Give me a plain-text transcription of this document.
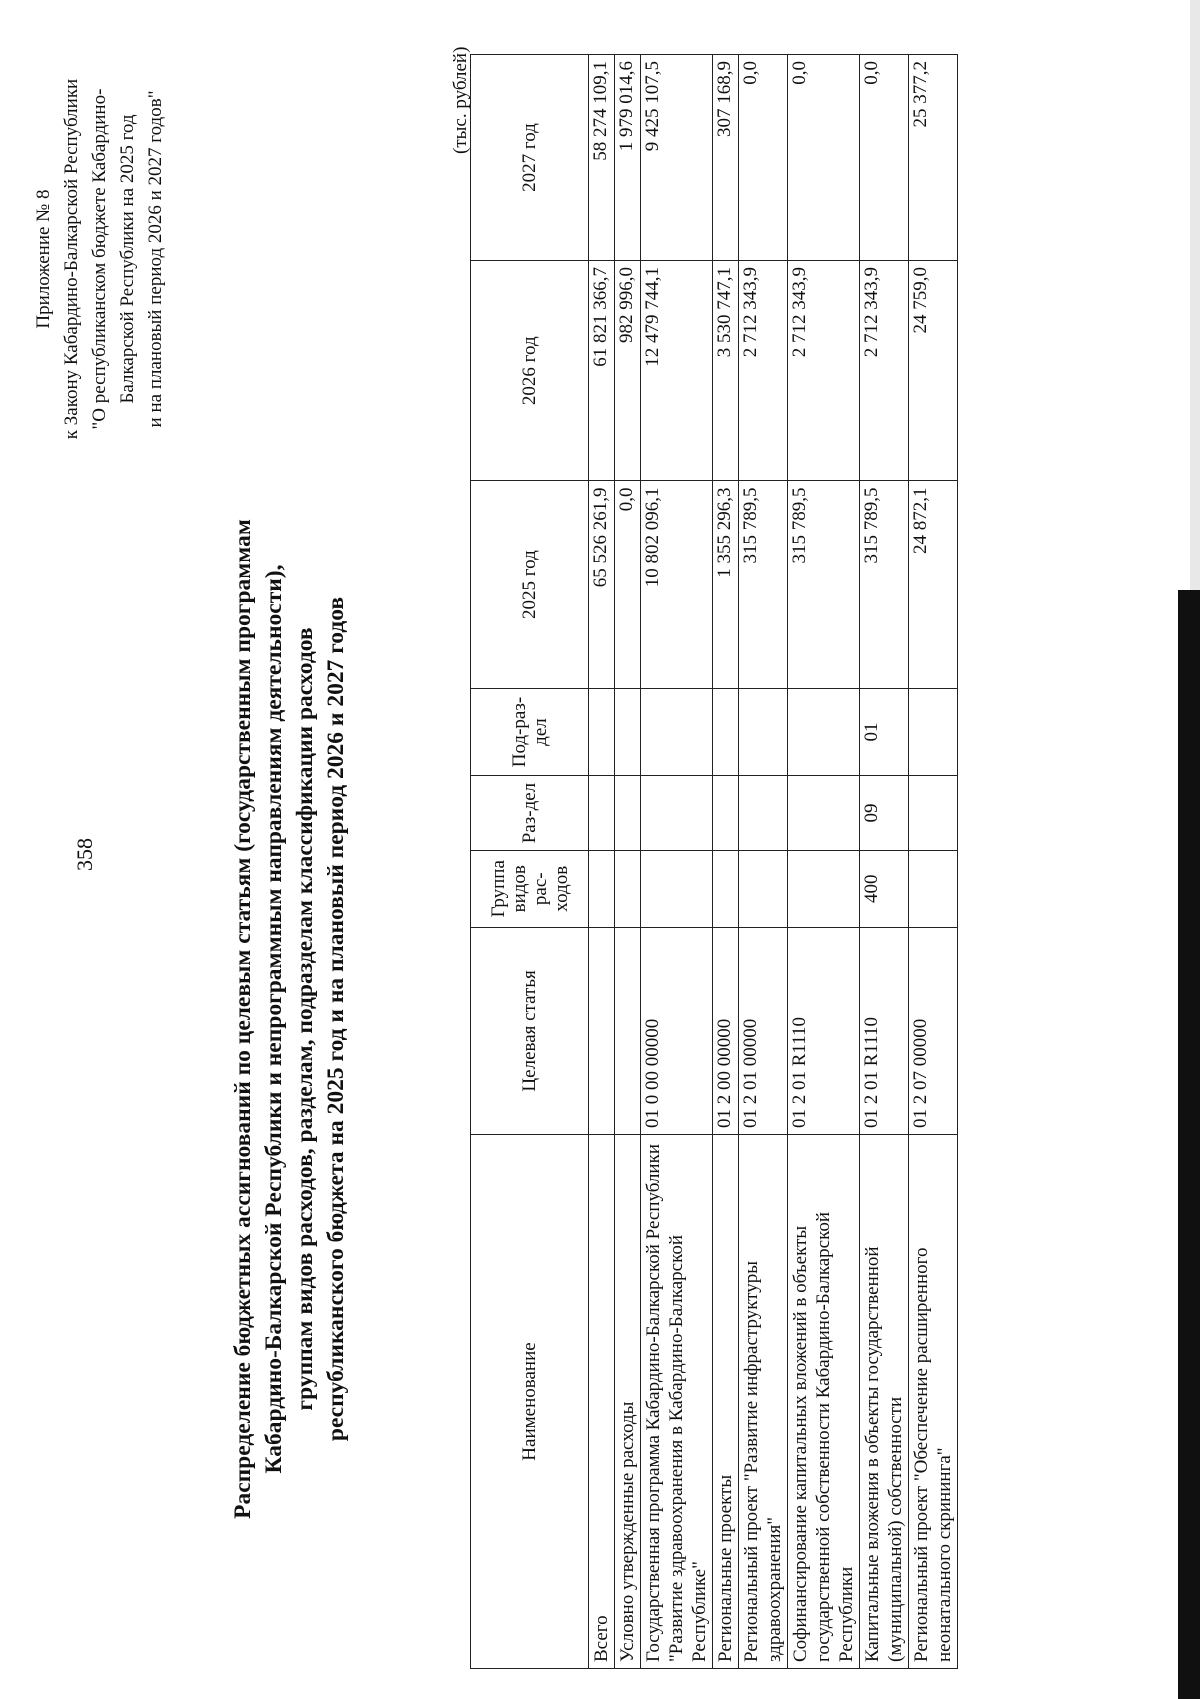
358
Приложение № 8 к Закону Кабардино-Балкарской Республики "О республиканском бюджете Кабардино- Балкарской Республики на 2025 год и на плановый период 2026 и 2027 годов"
Распределение бюджетных ассигнований по целевым статьям (государственным программам Кабардино-Балкарской Республики и непрограммным направлениям деятельности), группам видов расходов, разделам, подразделам классификации расходов республиканского бюджета на 2025 год и на плановый период 2026 и 2027 годов
(тыс. рублей)
Наименование	Целевая статья	Группа видов рас-ходов	Раз-дел	Под-раз-дел	2025 год	2026 год	2027 год
Всего					65 526 261,9	61 821 366,7	58 274 109,1
Условно утвержденные расходы					0,0	982 996,0	1 979 014,6
Государственная программа Кабардино-Балкарской Республики "Развитие здравоохранения в Кабардино-Балкарской Республике"	01 0 00 00000				10 802 096,1	12 479 744,1	9 425 107,5
Региональные проекты	01 2 00 00000				1 355 296,3	3 530 747,1	307 168,9
Региональный проект "Развитие инфраструктуры здравоохранения"	01 2 01 00000				315 789,5	2 712 343,9	0,0
Софинансирование капитальных вложений в объекты государственной собственности Кабардино-Балкарской Республики	01 2 01 R1110				315 789,5	2 712 343,9	0,0
Капитальные вложения в объекты государственной (муниципальной) собственности	01 2 01 R1110	400	09	01	315 789,5	2 712 343,9	0,0
Региональный проект "Обеспечение расширенного неонатального скрининга"	01 2 07 00000				24 872,1	24 759,0	25 377,2
